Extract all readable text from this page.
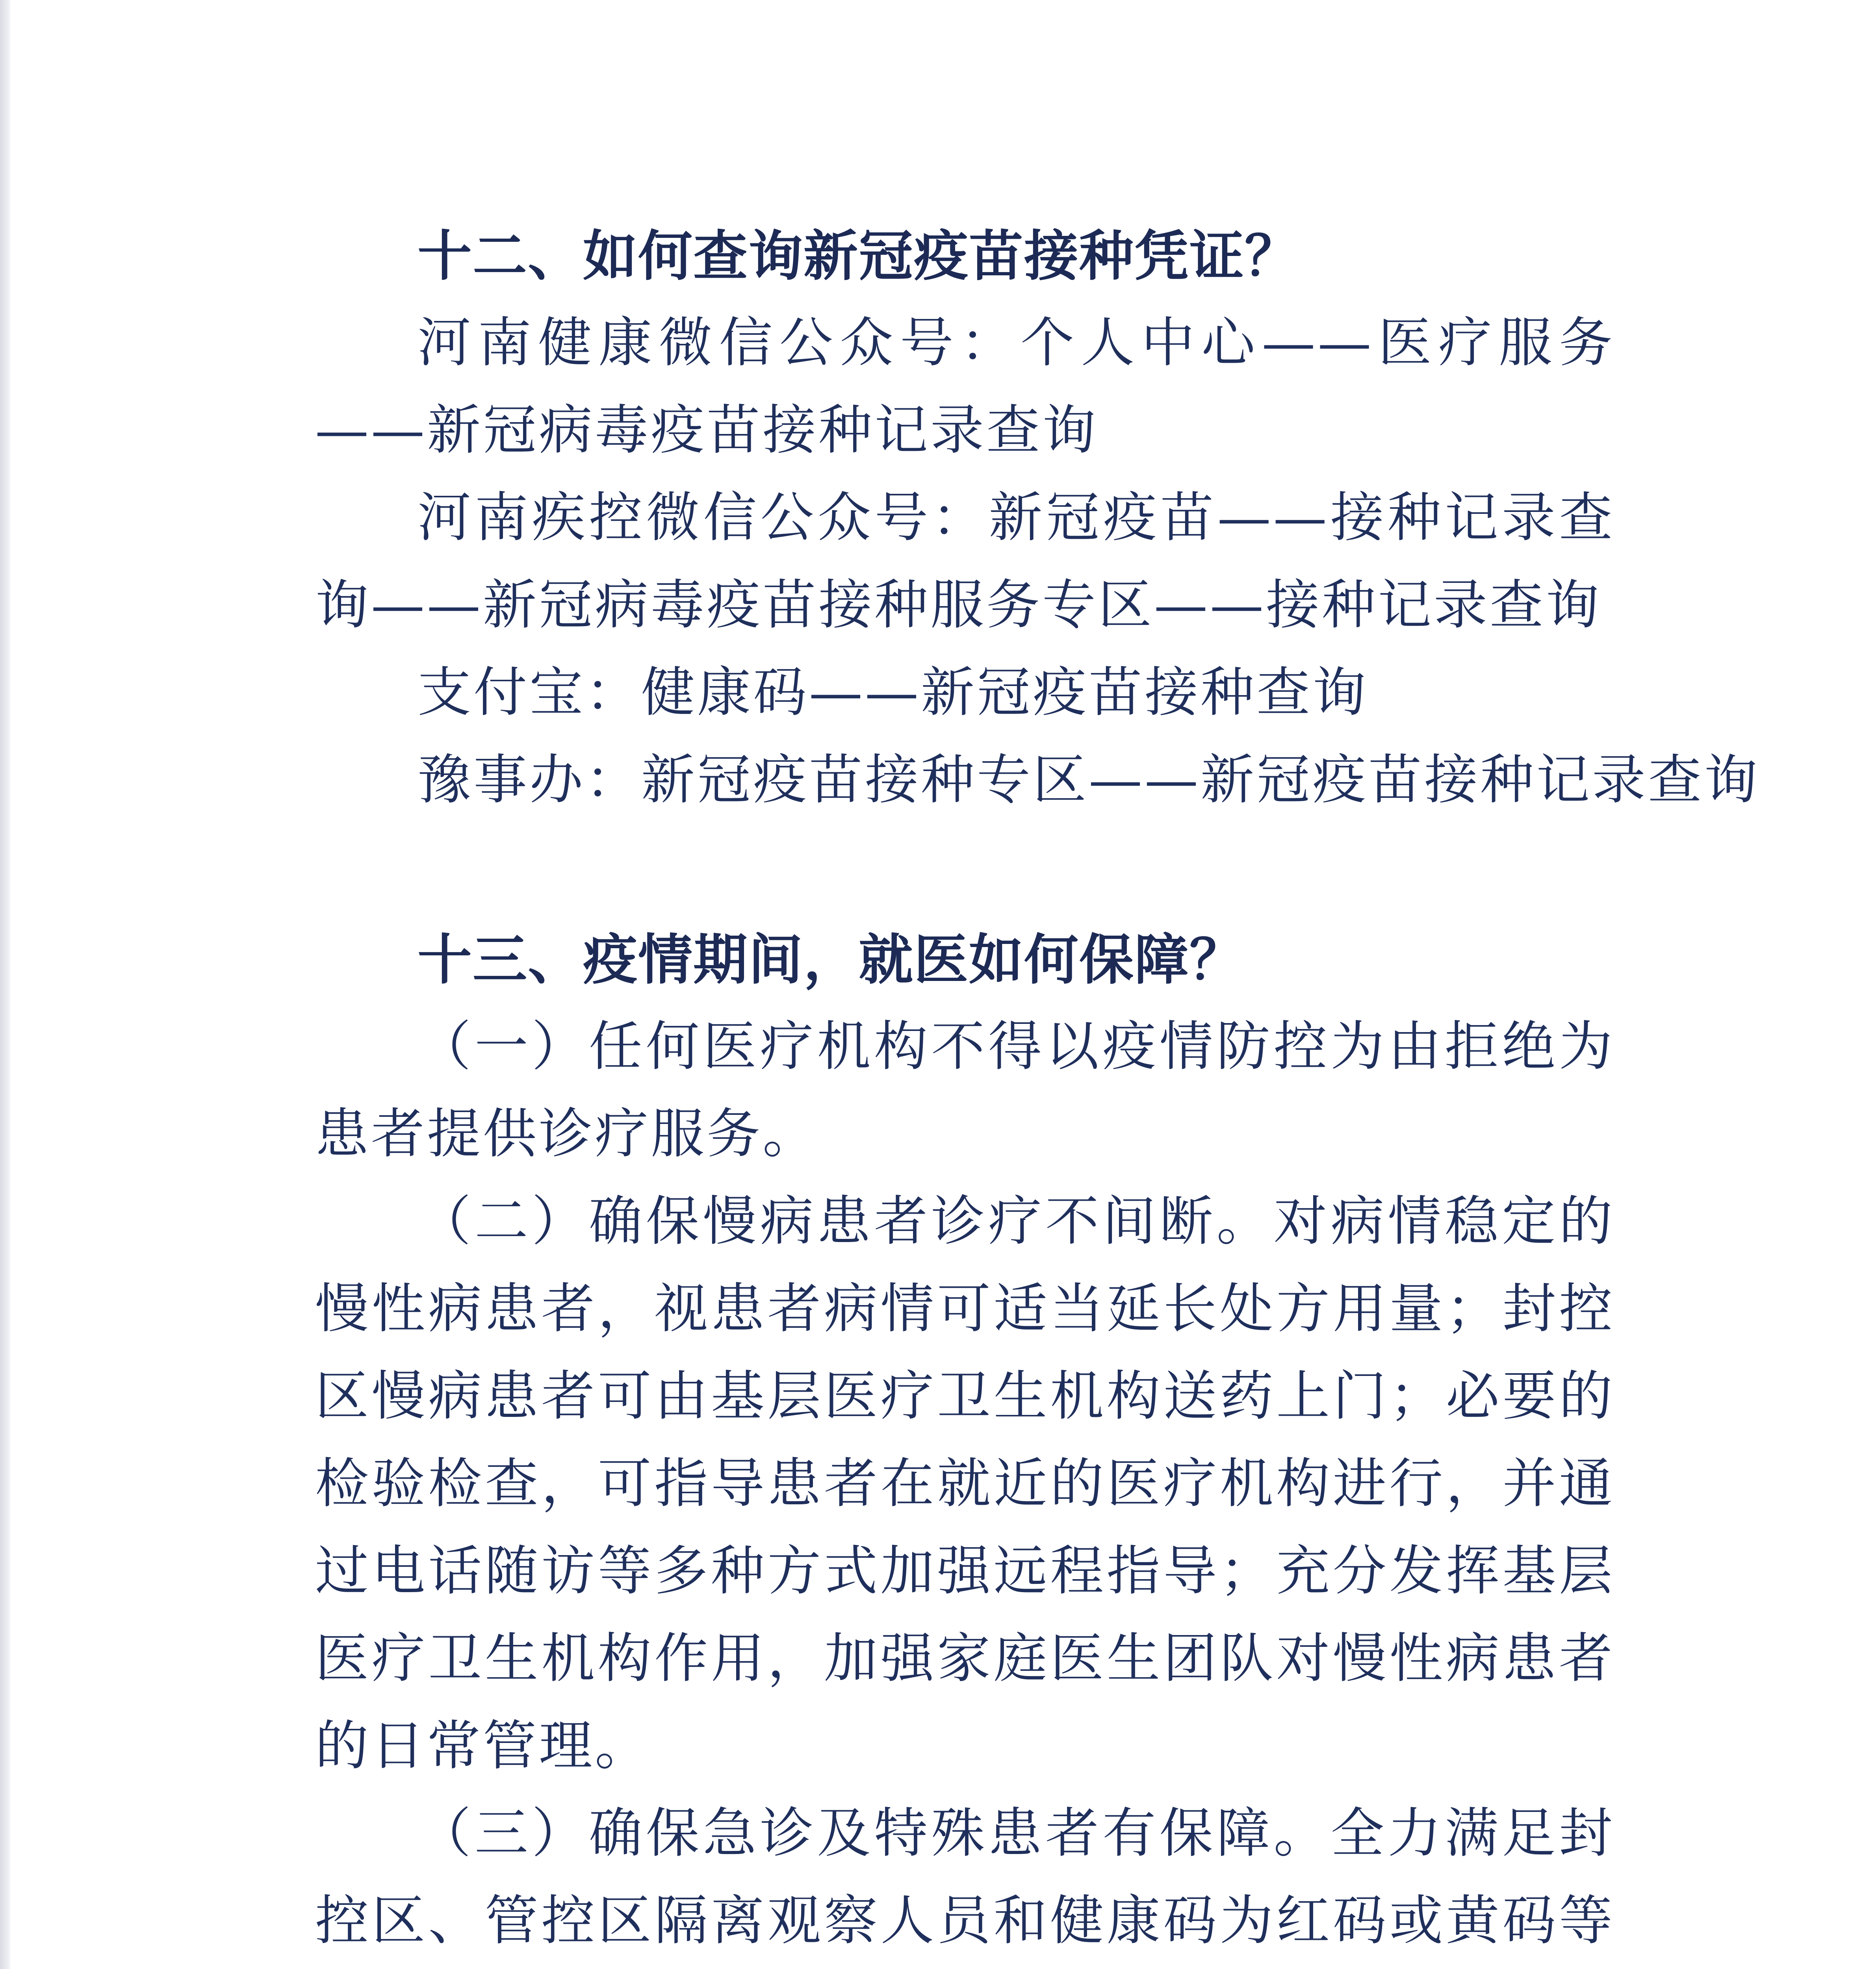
十二、如何查询新冠疫苗接种凭证？

河南健康微信公众号：个人中心——医疗服务——新冠病毒疫苗接种记录查询

河南疾控微信公众号：新冠疫苗——接种记录查询——新冠病毒疫苗接种服务专区——接种记录查询

支付宝：健康码——新冠疫苗接种查询

豫事办：新冠疫苗接种专区——新冠疫苗接种记录查询

十三、疫情期间，就医如何保障？

（一）任何医疗机构不得以疫情防控为由拒绝为患者提供诊疗服务。

（二）确保慢病患者诊疗不间断。对病情稳定的慢性病患者，视患者病情可适当延长处方用量；封控区慢病患者可由基层医疗卫生机构送药上门；必要的检验检查，可指导患者在就近的医疗机构进行，并通过电话随访等多种方式加强远程指导；充分发挥基层医疗卫生机构作用，加强家庭医生团队对慢性病患者的日常管理。

（三）确保急诊及特殊患者有保障。全力满足封控区、管控区隔离观察人员和健康码为红码或黄码等
